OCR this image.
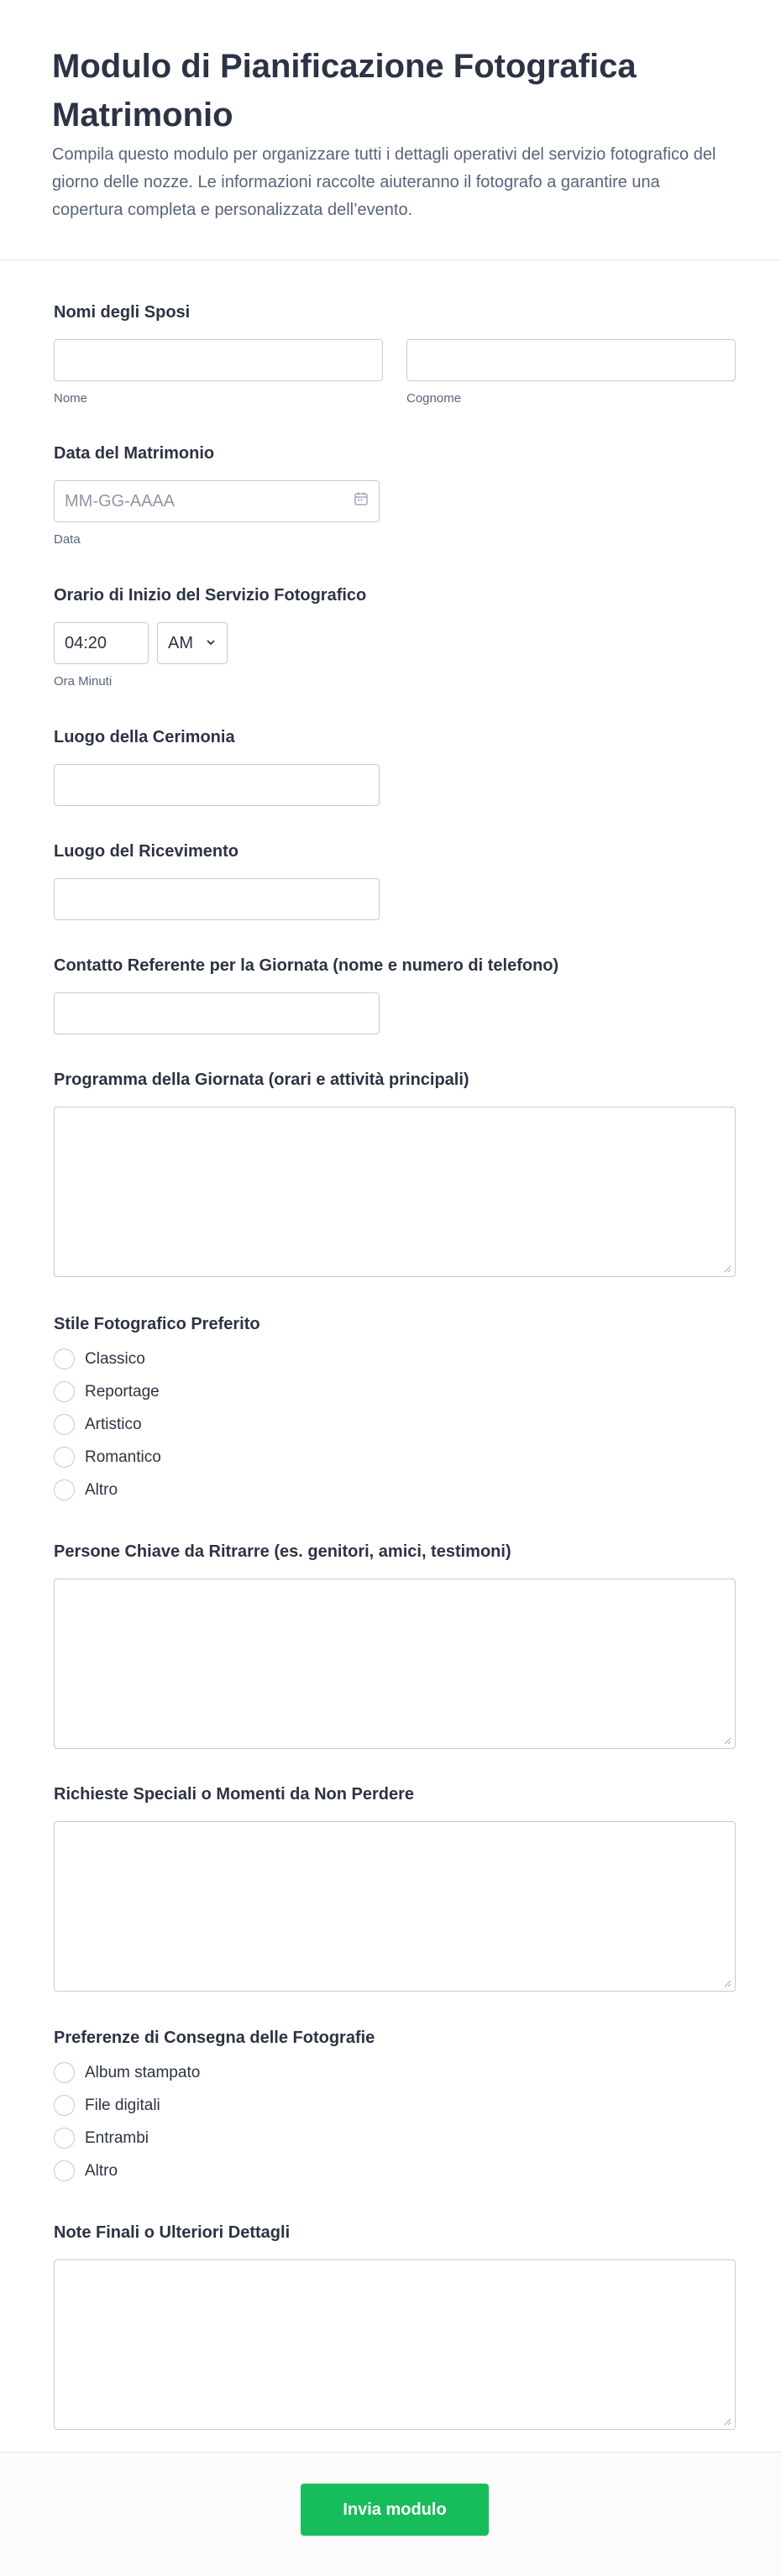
Modulo di Pianificazione Fotografica Matrimonio

Compila questo modulo per organizzare tutti i dettagli operativi del servizio fotografico del giorno delle nozze. Le informazioni raccolte aiuteranno il fotografo a garantire una copertura completa e personalizzata dell’evento.

Nomi degli Sposi
Nome	Cognome
Data del Matrimonio
MM-GG-AAAA
Data
Orario di Inizio del Servizio Fotografico
04:20	AM
Ora Minuti
Luogo della Cerimonia
Luogo del Ricevimento
Contatto Referente per la Giornata (nome e numero di telefono)
Programma della Giornata (orari e attività principali)
Stile Fotografico Preferito
Classico
Reportage
Artistico
Romantico
Altro
Persone Chiave da Ritrarre (es. genitori, amici, testimoni)
Richieste Speciali o Momenti da Non Perdere
Preferenze di Consegna delle Fotografie
Album stampato
File digitali
Entrambi
Altro
Note Finali o Ulteriori Dettagli
Invia modulo
